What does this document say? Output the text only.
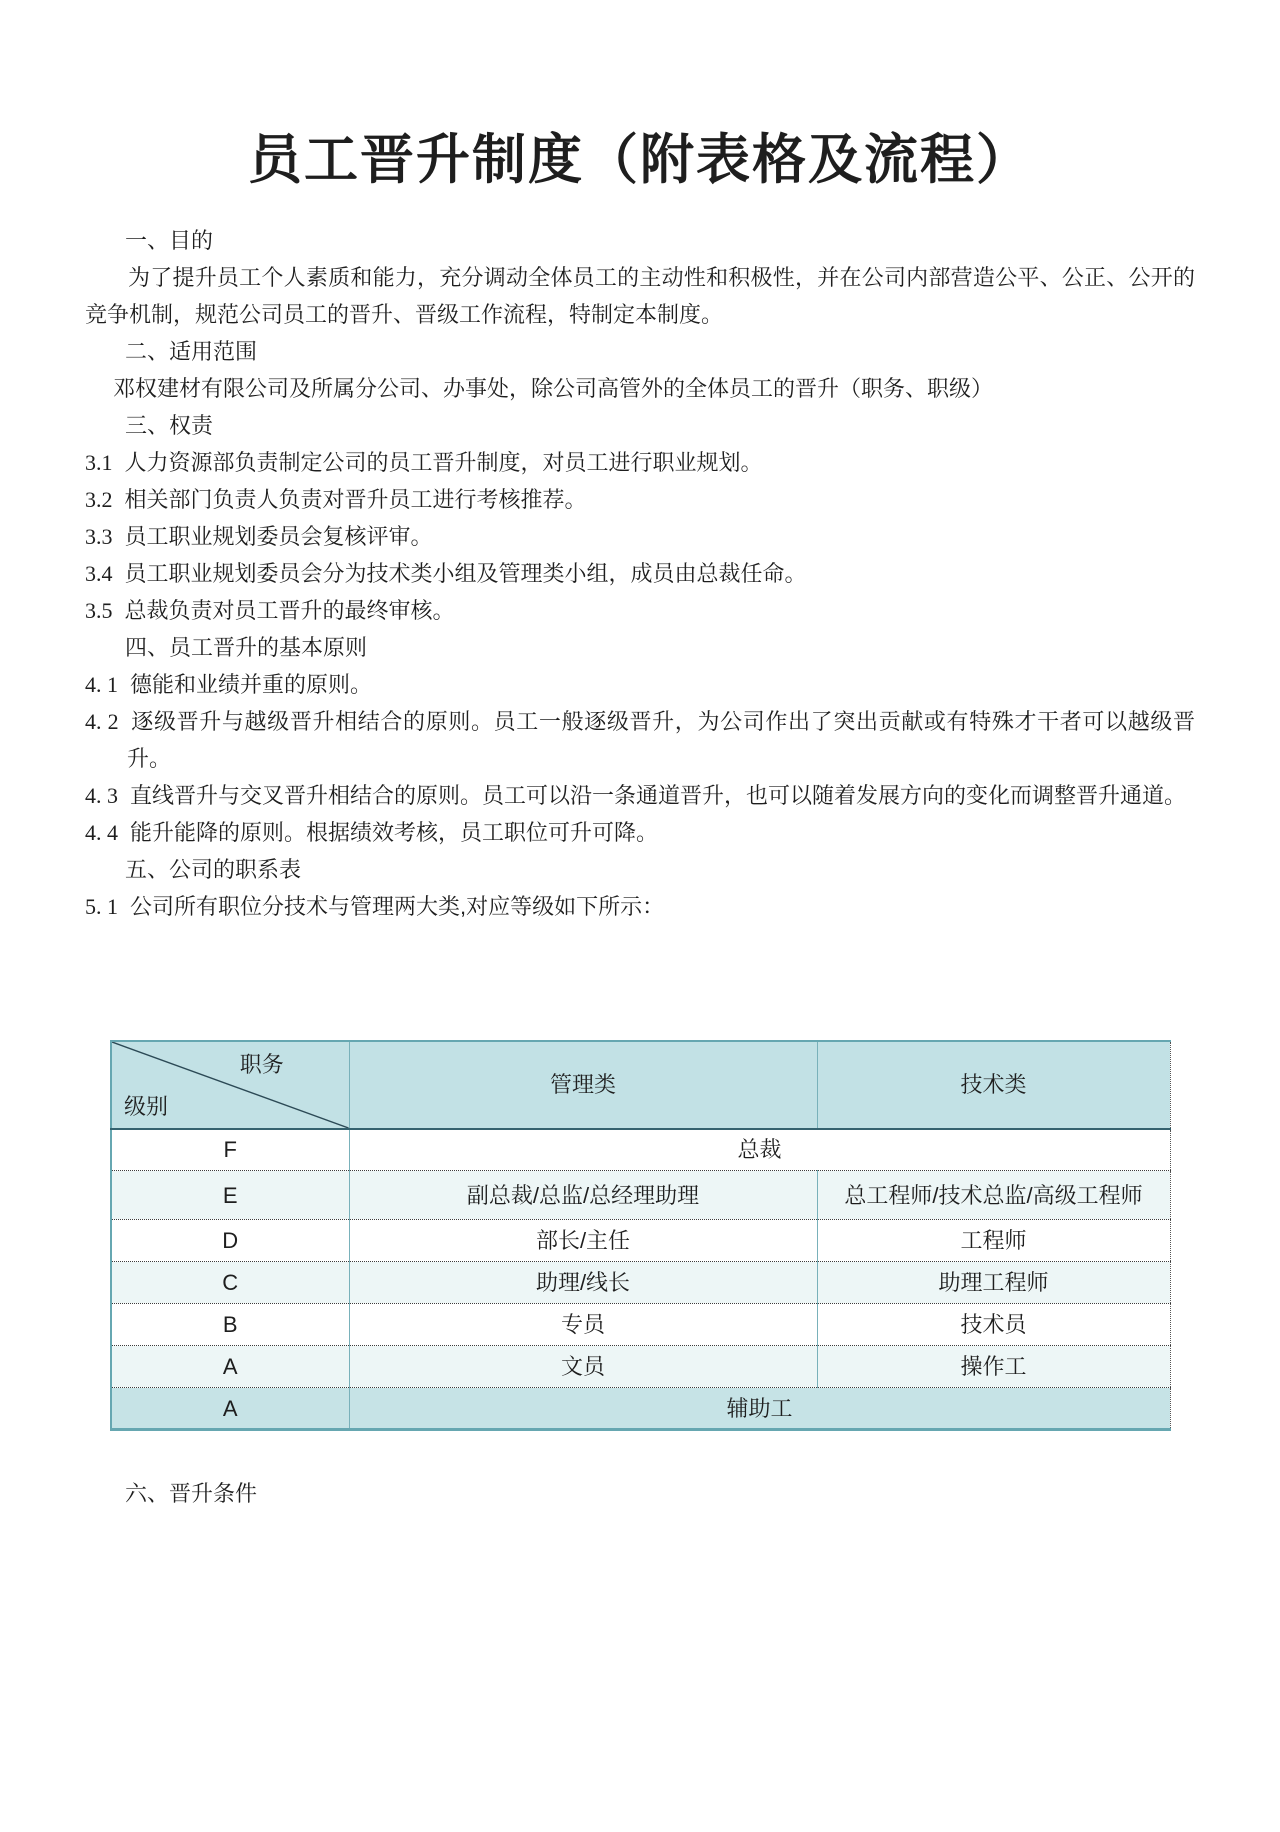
员工晋升制度（附表格及流程）

一、目的

为了提升员工个人素质和能力，充分调动全体员工的主动性和积极性，并在公司内部营造公平、公正、公开的竞争机制，规范公司员工的晋升、晋级工作流程，特制定本制度。

二、适用范围

邓权建材有限公司及所属分公司、办事处，除公司高管外的全体员工的晋升（职务、职级）

三、权责

3.1 人力资源部负责制定公司的员工晋升制度，对员工进行职业规划。

3.2 相关部门负责人负责对晋升员工进行考核推荐。

3.3 员工职业规划委员会复核评审。

3.4 员工职业规划委员会分为技术类小组及管理类小组，成员由总裁任命。

3.5 总裁负责对员工晋升的最终审核。

四、员工晋升的基本原则

4. 1 德能和业绩并重的原则。

4. 2 逐级晋升与越级晋升相结合的原则。员工一般逐级晋升，为公司作出了突出贡献或有特殊才干者可以越级晋升。

4. 3 直线晋升与交叉晋升相结合的原则。员工可以沿一条通道晋升，也可以随着发展方向的变化而调整晋升通道。

4. 4 能升能降的原则。根据绩效考核，员工职位可升可降。

五、公司的职系表

5. 1 公司所有职位分技术与管理两大类,对应等级如下所示：

职务
级别	管理类	技术类
F	总裁	
E	副总裁/总监/总经理助理	总工程师/技术总监/高级工程师
D	部长/主任	工程师
C	助理/线长	助理工程师
B	专员	技术员
A	文员	操作工
A	辅助工	

六、晋升条件
